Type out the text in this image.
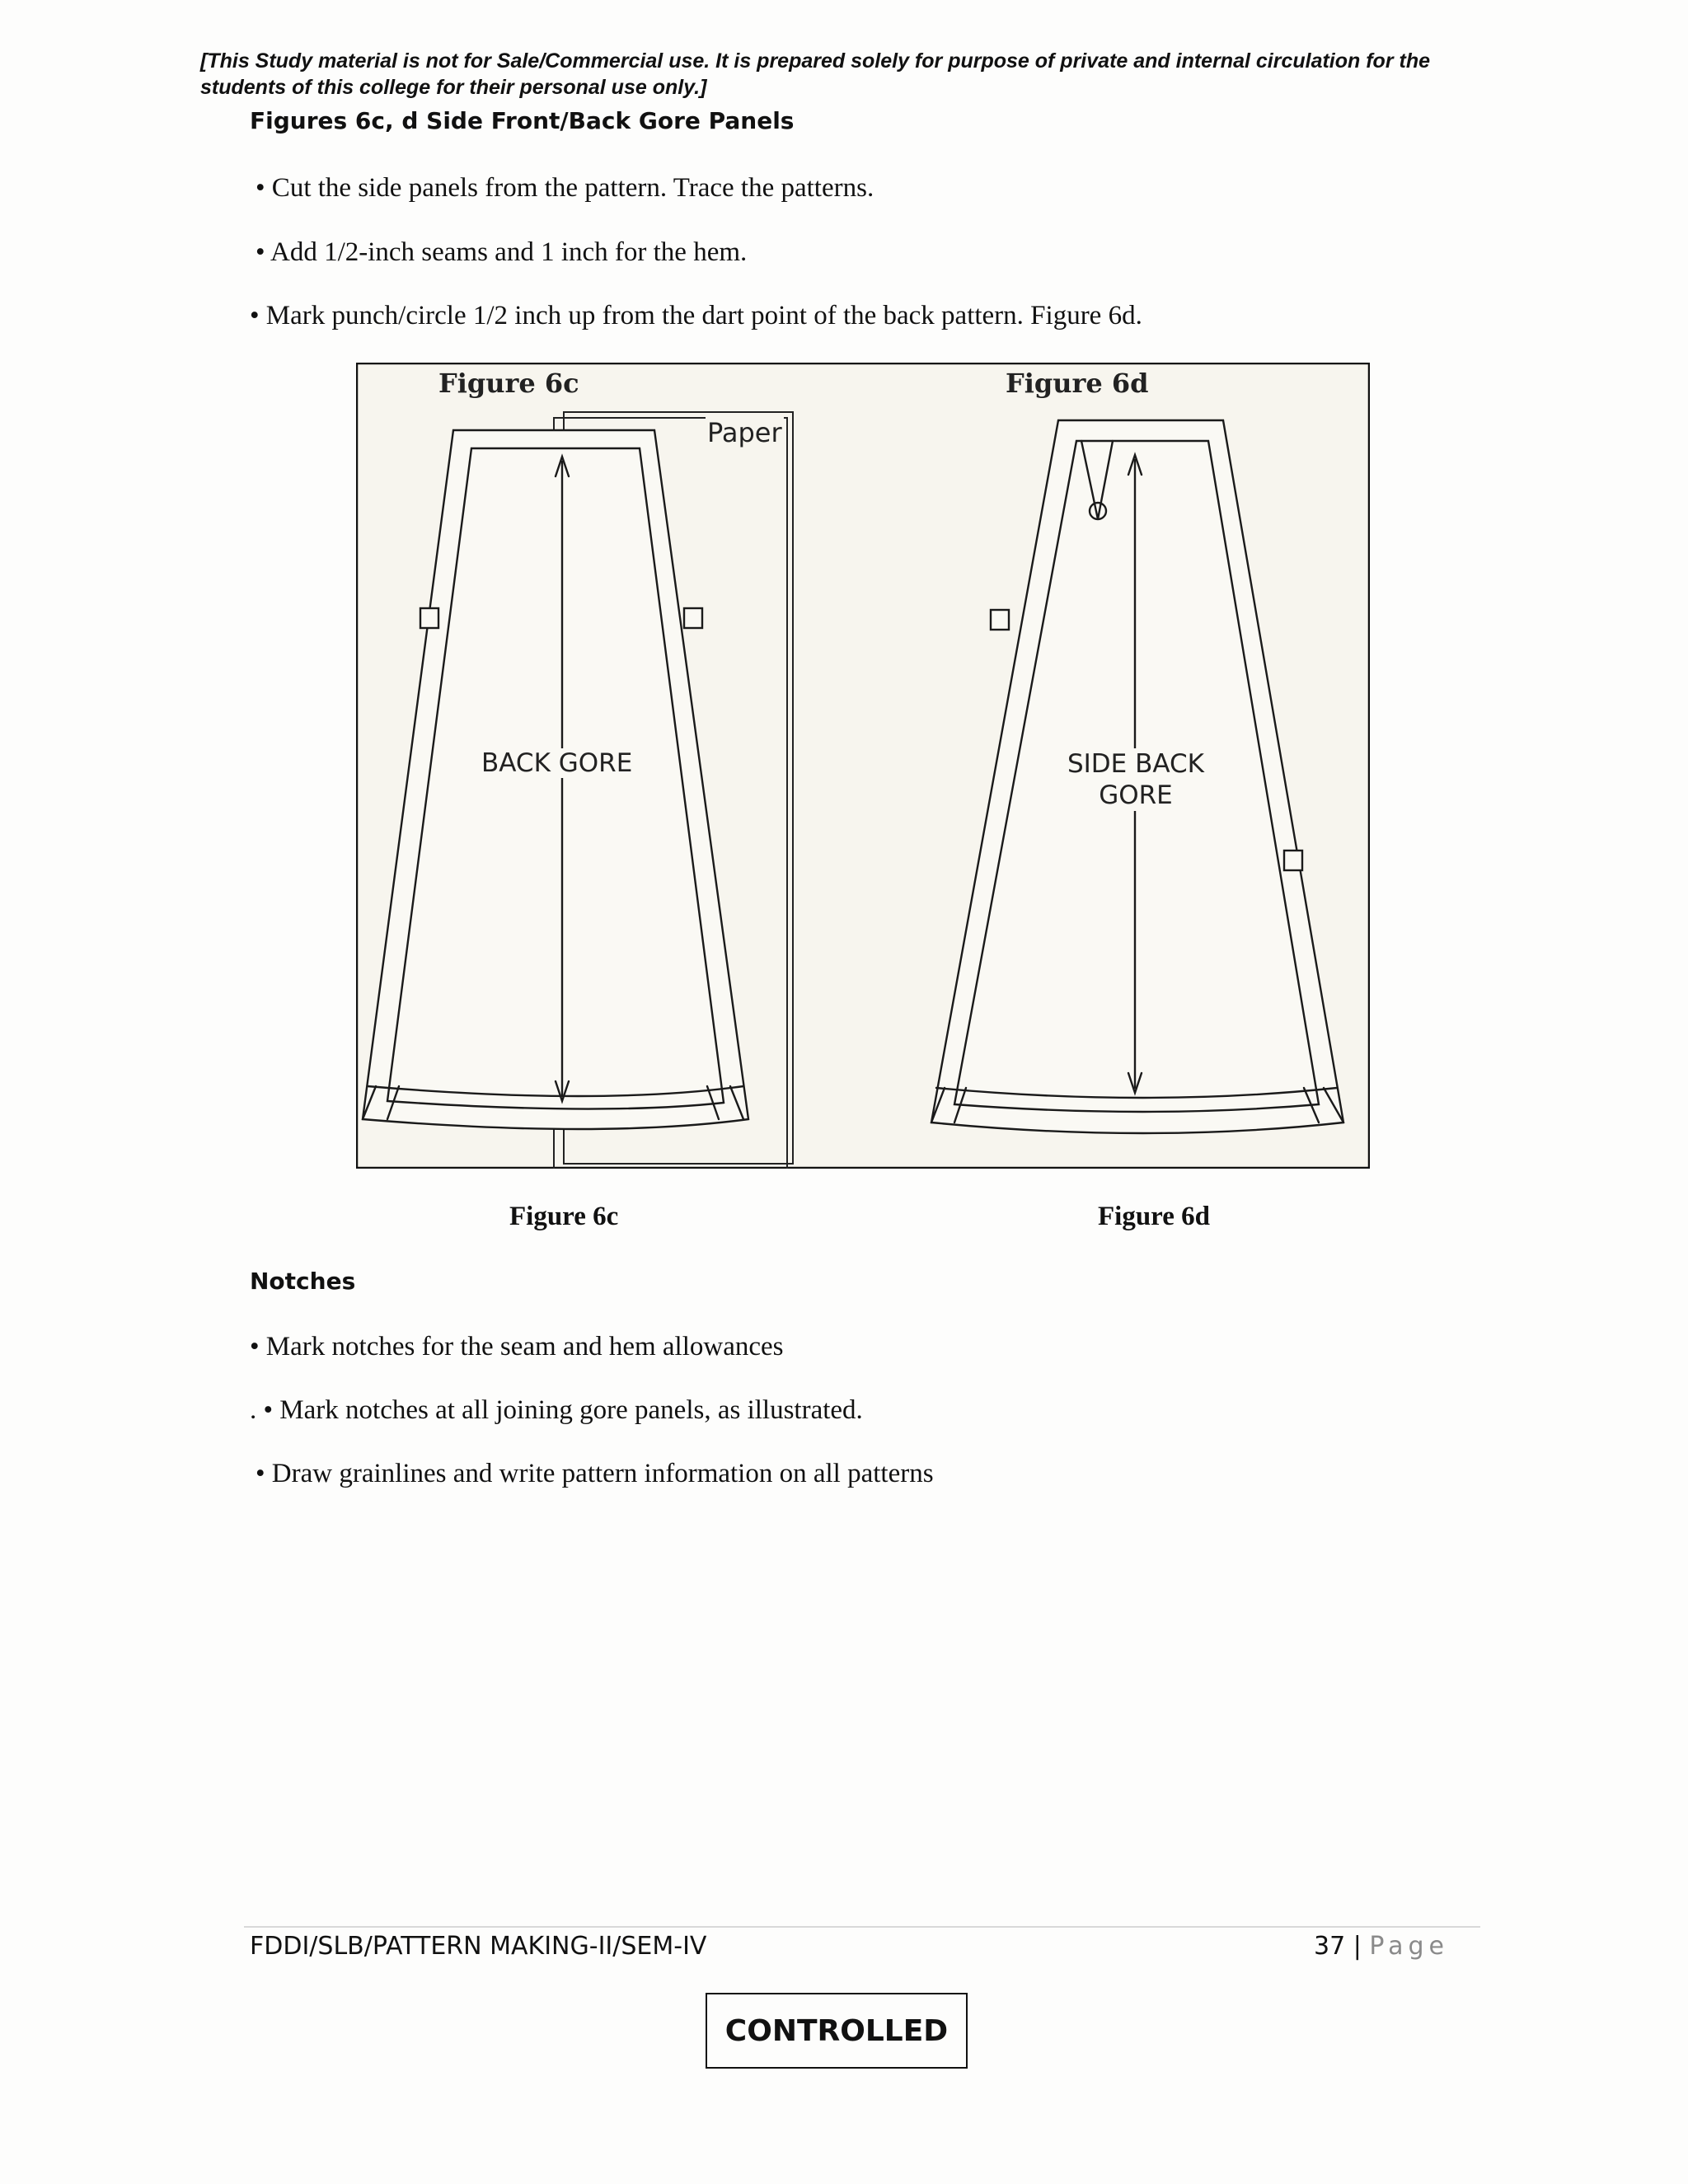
[This Study material is not for Sale/Commercial use. It is prepared solely for purpose of private and internal circulation for the students of this college for their personal use only.]
Figures 6c, d Side Front/Back Gore Panels
• Cut the side panels from the pattern. Trace the patterns.
• Add 1/2-inch seams and 1 inch for the hem.
• Mark punch/circle 1/2 inch up from the dart point of the back pattern. Figure 6d.
Figure 6c	Figure 6d
Paper
BACK GORE	SIDE BACK
GORE
Figure 6c	Figure 6d
Notches
• Mark notches for the seam and hem allowances
. • Mark notches at all joining gore panels, as illustrated.
• Draw grainlines and write pattern information on all patterns
FDDI/SLB/PATTERN MAKING-II/SEM-IV	37 | Page
CONTROLLED
